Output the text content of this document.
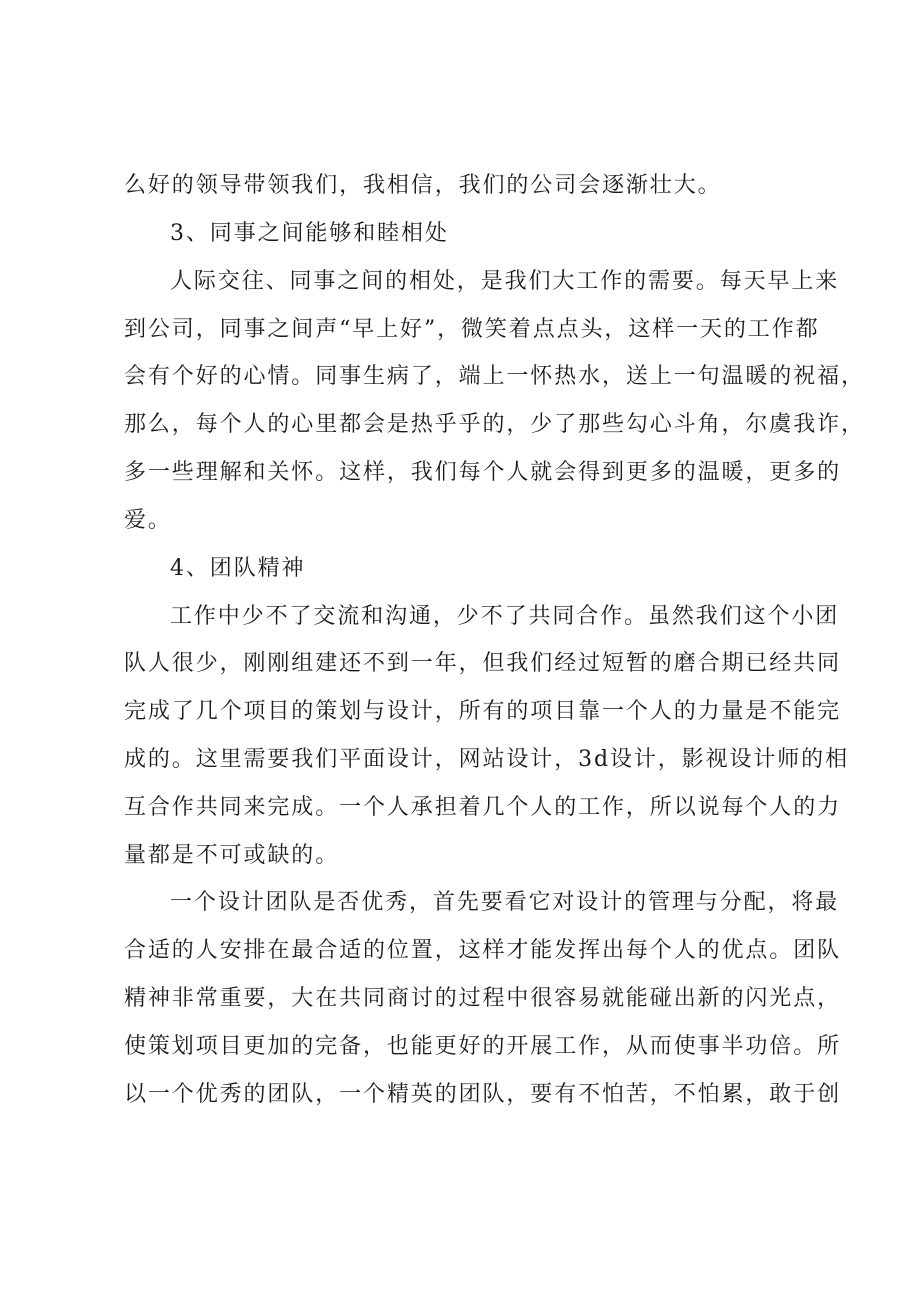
么好的领导带领我们，我相信，我们的公司会逐渐壮大。
3、同事之间能够和睦相处
人际交往、同事之间的相处，是我们大工作的需要。每天早上来
到公司，同事之间声“早上好”，微笑着点点头，这样一天的工作都
会有个好的心情。同事生病了，端上一怀热水，送上一句温暖的祝福，
那么，每个人的心里都会是热乎乎的，少了那些勾心斗角，尔虞我诈，
多一些理解和关怀。这样，我们每个人就会得到更多的温暖，更多的
爱。
4、团队精神
工作中少不了交流和沟通，少不了共同合作。虽然我们这个小团
队人很少，刚刚组建还不到一年，但我们经过短暂的磨合期已经共同
完成了几个项目的策划与设计，所有的项目靠一个人的力量是不能完
成的。这里需要我们平面设计，网站设计，3d设计，影视设计师的相
互合作共同来完成。一个人承担着几个人的工作，所以说每个人的力
量都是不可或缺的。
一个设计团队是否优秀，首先要看它对设计的管理与分配，将最
合适的人安排在最合适的位置，这样才能发挥出每个人的优点。团队
精神非常重要，大在共同商讨的过程中很容易就能碰出新的闪光点，
使策划项目更加的完备，也能更好的开展工作，从而使事半功倍。所
以一个优秀的团队，一个精英的团队，要有不怕苦，不怕累，敢于创
